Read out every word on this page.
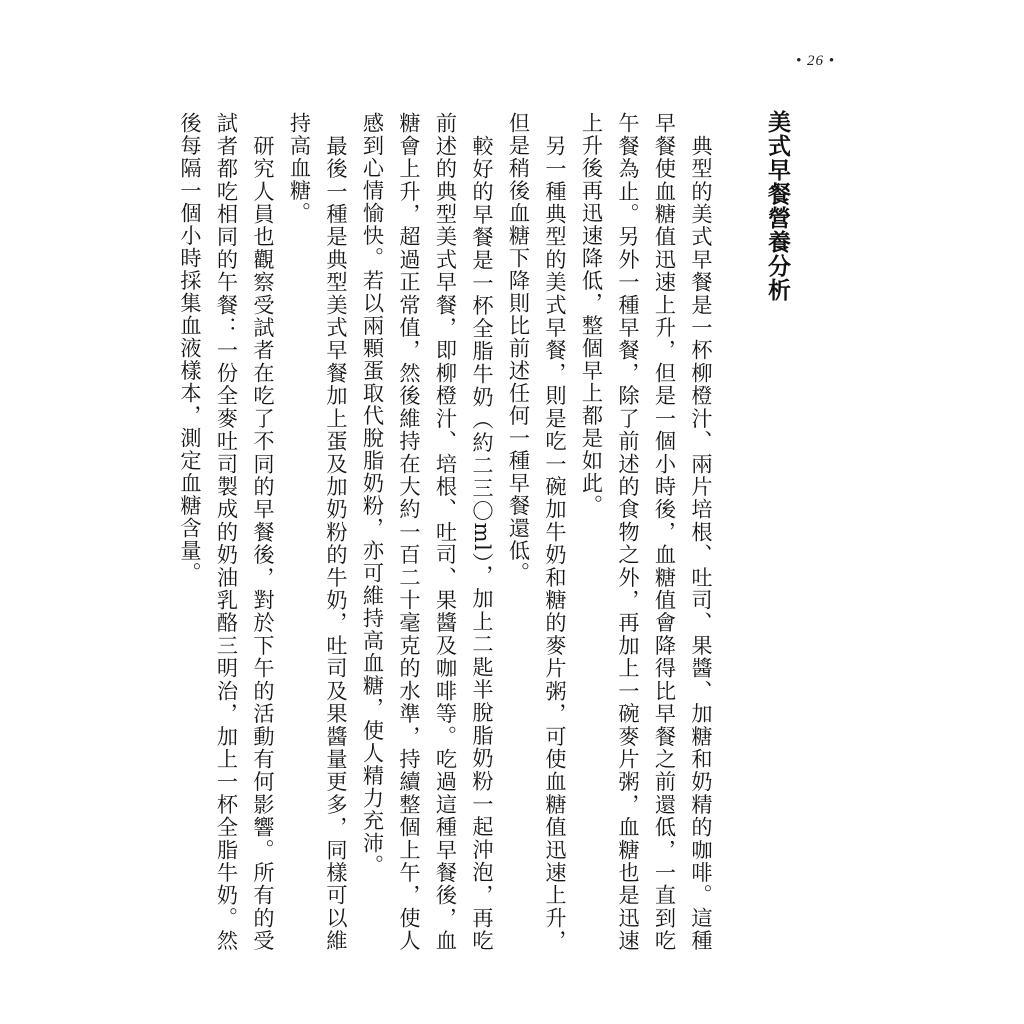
• 26 •
美式早餐營養分析

　典型的美式早餐是一杯柳橙汁、兩片培根、吐司、果醬、加糖和奶精的咖啡。這種早餐使血糖值迅速上升，但是一個小時後，血糖值會降得比早餐之前還低，一直到吃午餐為止。另外一種早餐，除了前述的食物之外，再加上一碗麥片粥，血糖也是迅速上升後再迅速降低，整個早上都是如此。

　另一種典型的美式早餐，則是吃一碗加牛奶和糖的麥片粥，可使血糖值迅速上升，但是稍後血糖下降則比前述任何一種早餐還低。

　較好的早餐是一杯全脂牛奶（約二三〇ml），加上二匙半脫脂奶粉一起沖泡，再吃前述的典型美式早餐，即柳橙汁、培根、吐司、果醬及咖啡等。吃過這種早餐後，血糖會上升，超過正常值，然後維持在大約一百二十毫克的水準，持續整個上午，使人感到心情愉快。若以兩顆蛋取代脫脂奶粉，亦可維持高血糖，使人精力充沛。

　最後一種是典型美式早餐加上蛋及加奶粉的牛奶，吐司及果醬量更多，同樣可以維持高血糖。

　研究人員也觀察受試者在吃了不同的早餐後，對於下午的活動有何影響。所有的受試者都吃相同的午餐：一份全麥吐司製成的奶油乳酪三明治，加上一杯全脂牛奶。然後每隔一個小時採集血液樣本，測定血糖含量。
